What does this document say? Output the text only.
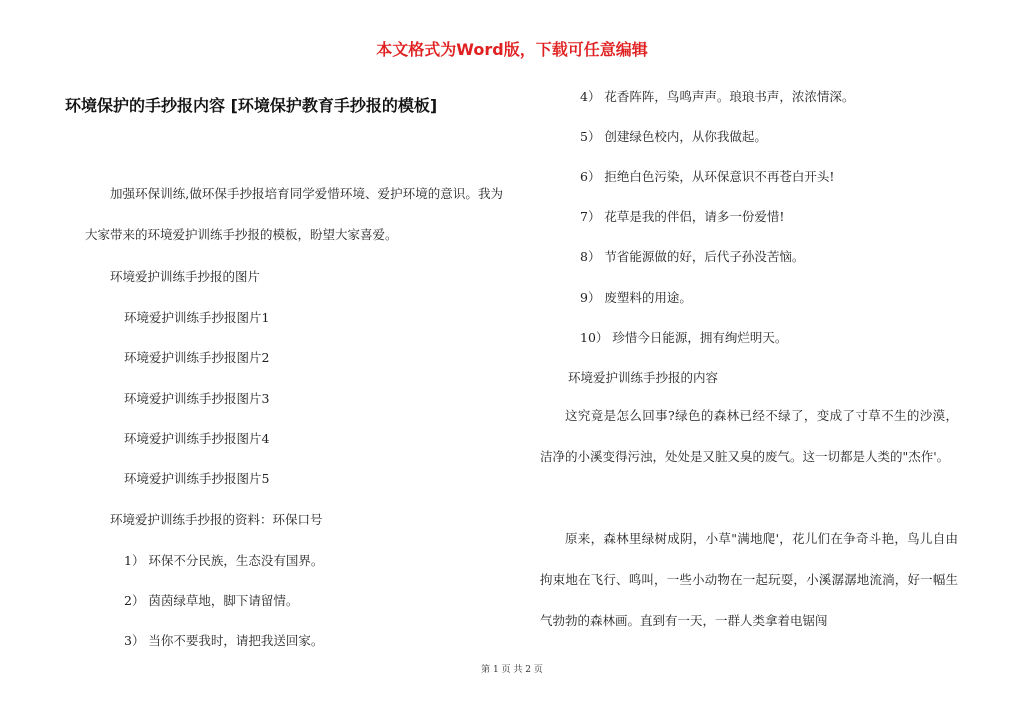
本文格式为Word版，下载可任意编辑
环境保护的手抄报内容 [环境保护教育手抄报的模板]
加强环保训练,做环保手抄报培育同学爱惜环境、爱护环境的意识。我为大家带来的环境爱护训练手抄报的模板，盼望大家喜爱。
环境爱护训练手抄报的图片
环境爱护训练手抄报图片1
环境爱护训练手抄报图片2
环境爱护训练手抄报图片3
环境爱护训练手抄报图片4
环境爱护训练手抄报图片5
环境爱护训练手抄报的资料：环保口号
1） 环保不分民族，生态没有国界。
2） 茵茵绿草地，脚下请留情。
3） 当你不要我时，请把我送回家。
4） 花香阵阵，鸟鸣声声。琅琅书声，浓浓情深。
5） 创建绿色校内，从你我做起。
6） 拒绝白色污染，从环保意识不再苍白开头!
7） 花草是我的伴侣，请多一份爱惜!
8） 节省能源做的好，后代子孙没苦恼。
9） 废塑料的用途。
10） 珍惜今日能源，拥有绚烂明天。
环境爱护训练手抄报的内容
这究竟是怎么回事?绿色的森林已经不绿了，变成了寸草不生的沙漠，洁净的小溪变得污浊，处处是又脏又臭的废气。这一切都是人类的"杰作'。
原来，森林里绿树成阴，小草"满地爬'，花儿们在争奇斗艳，鸟儿自由拘束地在飞行、鸣叫，一些小动物在一起玩耍，小溪潺潺地流淌，好一幅生气勃勃的森林画。直到有一天，一群人类拿着电锯闯
第 1 页 共 2 页
